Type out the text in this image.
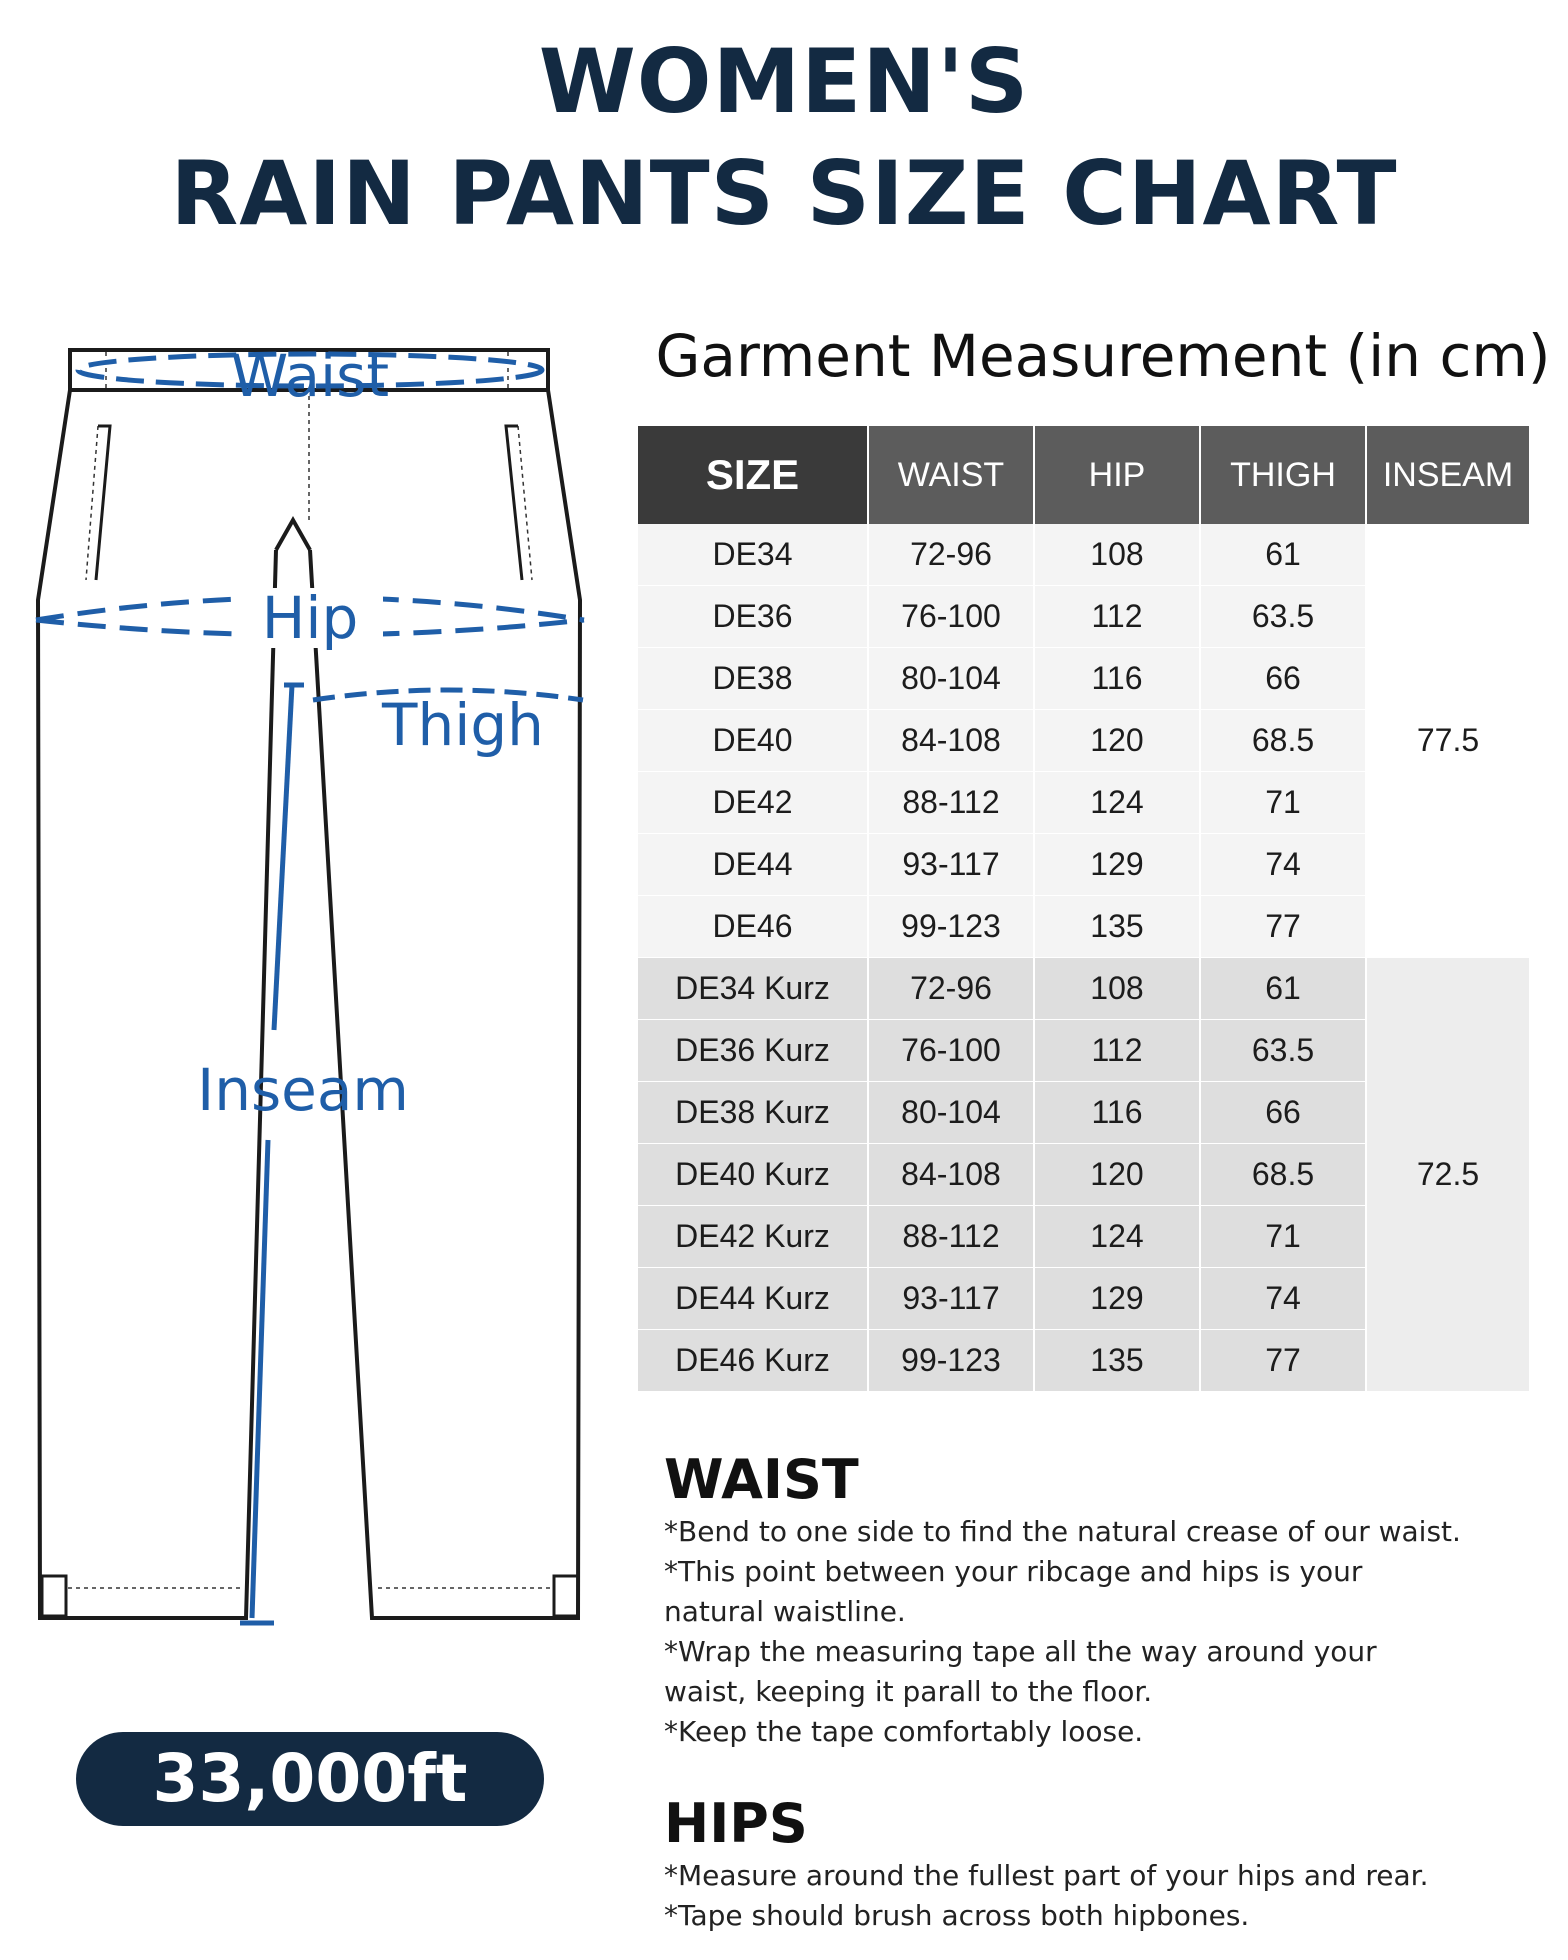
WOMEN'S
RAIN PANTS SIZE CHART
Waist
Hip
Thigh
Inseam
Garment Measurement (in cm)
SIZE	WAIST	HIP	THIGH	INSEAM
DE34	72-96	108	61	77.5
DE36	76-100	112	63.5	
DE38	80-104	116	66	
DE40	84-108	120	68.5	
DE42	88-112	124	71	
DE44	93-117	129	74	
DE46	99-123	135	77	
DE34 Kurz	72-96	108	61	72.5
DE36 Kurz	76-100	112	63.5	
DE38 Kurz	80-104	116	66	
DE40 Kurz	84-108	120	68.5	
DE42 Kurz	88-112	124	71	
DE44 Kurz	93-117	129	74	
DE46 Kurz	99-123	135	77	
WAIST

*Bend to one side to find the natural crease of our waist.

*This point between your ribcage and hips is your

natural waistline.

*Wrap the measuring tape all the way around your

waist, keeping it parall to the floor.

*Keep the tape comfortably loose.

HIPS

*Measure around the fullest part of your hips and rear.

*Tape should brush across both hipbones.

33,000ft
